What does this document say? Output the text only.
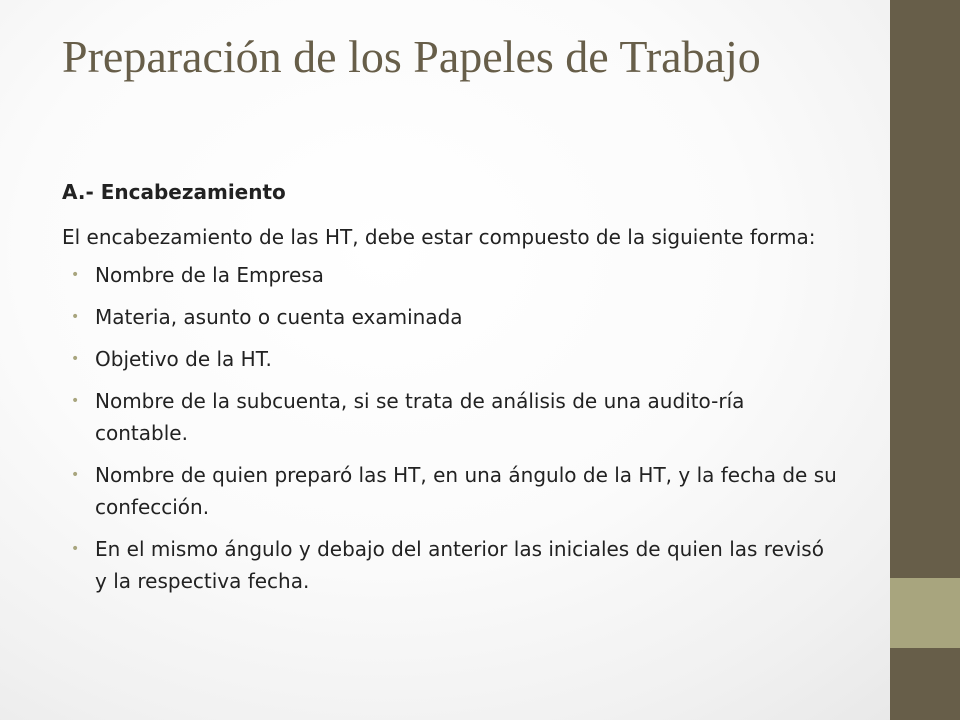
Preparación de los Papeles de Trabajo

A.- Encabezamiento

El encabezamiento de las HT, debe estar compuesto de la siguiente forma:

• Nombre de la Empresa
• Materia, asunto o cuenta examinada
• Objetivo de la HT.
• Nombre de la subcuenta, si se trata de análisis de una audito-ría contable.
• Nombre de quien preparó las HT, en una ángulo de la HT, y la fecha de su confección.
• En el mismo ángulo y debajo del anterior las iniciales de quien las revisó y la respectiva fecha.
